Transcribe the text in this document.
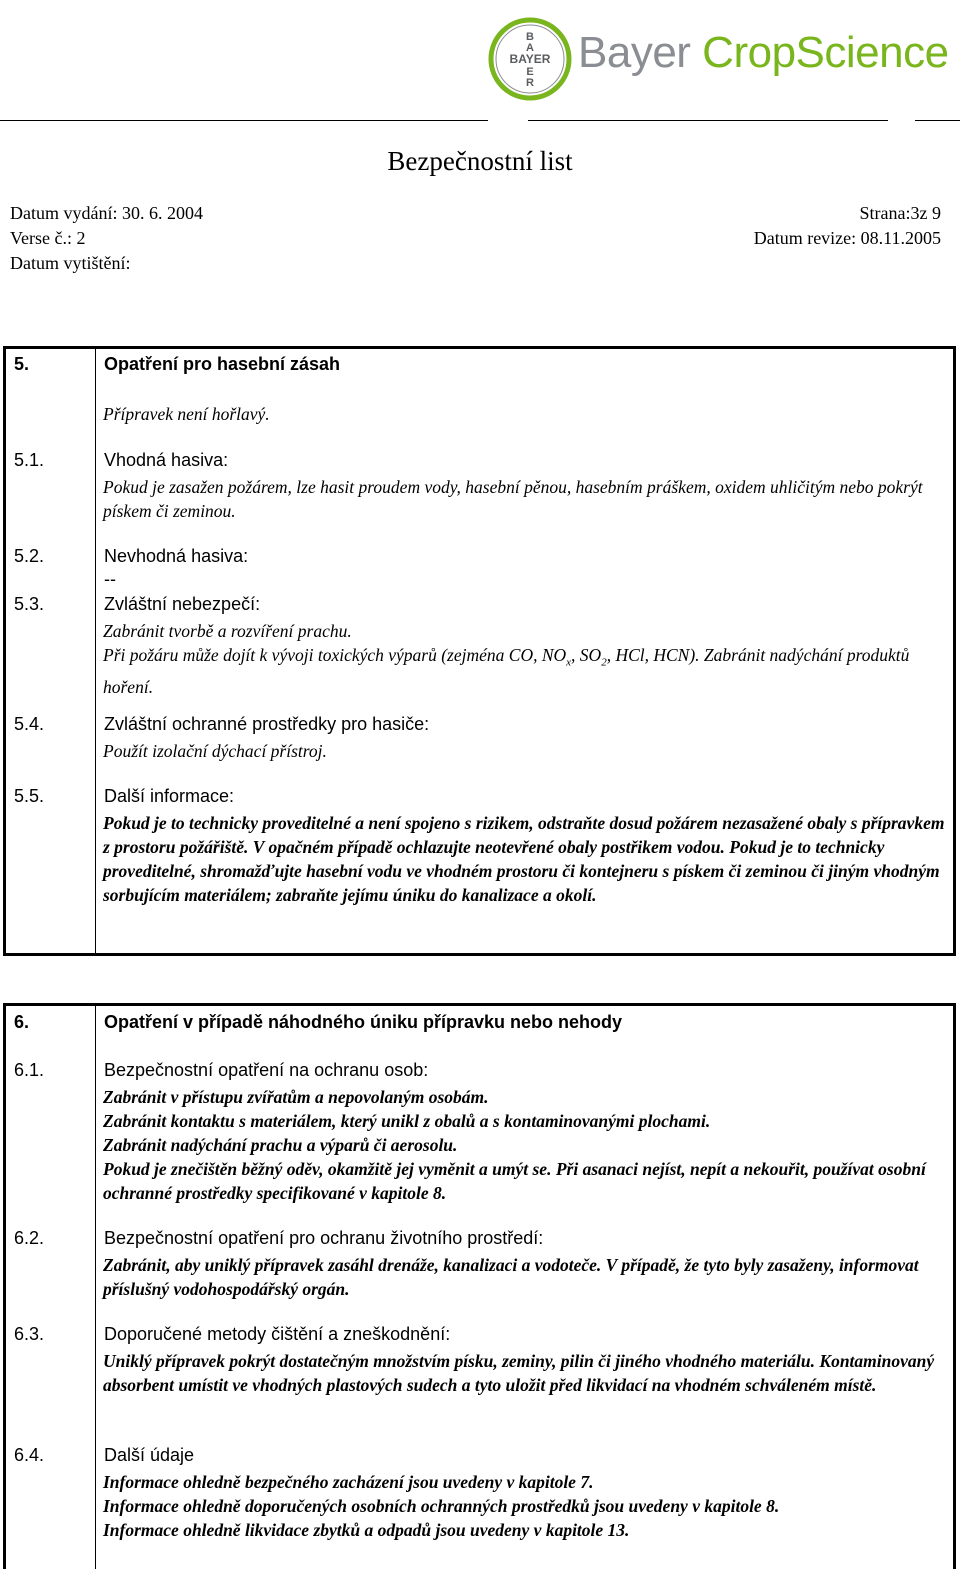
B
A
BAYER
E
R
Bayer CropScience
Bezpečnostní list
Datum vydání: 30. 6. 2004	Strana:3z 9
Verse č.: 2	Datum revize: 08.11.2005
Datum vytištění:
5.	Opatření pro hasební zásah
Přípravek není hořlavý.
5.1.	Vhodná hasiva:
Pokud je zasažen požárem, lze hasit proudem vody, hasební pěnou, hasebním práškem, oxidem uhličitým nebo pokrýt pískem či zeminou.
5.2.	Nevhodná hasiva:
--
5.3.	Zvláštní nebezpečí:

Zabránit tvorbě a rozvíření prachu.

Při požáru může dojít k vývoji toxických výparů (zejména CO, $NO_x$, $SO_2$, HCl, HCN). Zabránit nadýchání produktů hoření.

5.4.	Zvláštní ochranné prostředky pro hasiče:
Použít izolační dýchací přístroj.
5.5.	Další informace:
Pokud je to technicky proveditelné a není spojeno s rizikem, odstraňte dosud požárem nezasažené obaly s přípravkem z prostoru požářiště. V opačném případě ochlazujte neotevřené obaly postřikem vodou. Pokud je to technicky proveditelné, shromažďujte hasební vodu ve vhodném prostoru či kontejneru s pískem či zeminou či jiným vhodným sorbujícím materiálem; zabraňte jejímu úniku do kanalizace a okolí.
6.	Opatření v případě náhodného úniku přípravku nebo nehody
6.1.	Bezpečnostní opatření na ochranu osob:

Zabránit v přístupu zvířatům a nepovolaným osobám.

Zabránit kontaktu s materiálem, který unikl z obalů a s kontaminovanými plochami.

Zabránit nadýchání prachu a výparů či aerosolu.

Pokud je znečištěn běžný oděv, okamžitě jej vyměnit a umýt se. Při asanaci nejíst, nepít a nekouřit, používat osobní ochranné prostředky specifikované v kapitole 8.

6.2.	Bezpečnostní opatření pro ochranu životního prostředí:
Zabránit, aby uniklý přípravek zasáhl drenáže, kanalizaci a vodoteče. V případě, že tyto byly zasaženy, informovat příslušný vodohospodářský orgán.
6.3.	Doporučené metody čištění a zneškodnění:
Uniklý přípravek pokrýt dostatečným množstvím písku, zeminy, pilin či jiného vhodného materiálu. Kontaminovaný absorbent umístit ve vhodných plastových sudech a tyto uložit před likvidací na vhodném schváleném místě.
6.4.	Další údaje

Informace ohledně bezpečného zacházení jsou uvedeny v kapitole 7.

Informace ohledně doporučených osobních ochranných prostředků jsou uvedeny v kapitole 8.

Informace ohledně likvidace zbytků a odpadů jsou uvedeny v kapitole 13.
